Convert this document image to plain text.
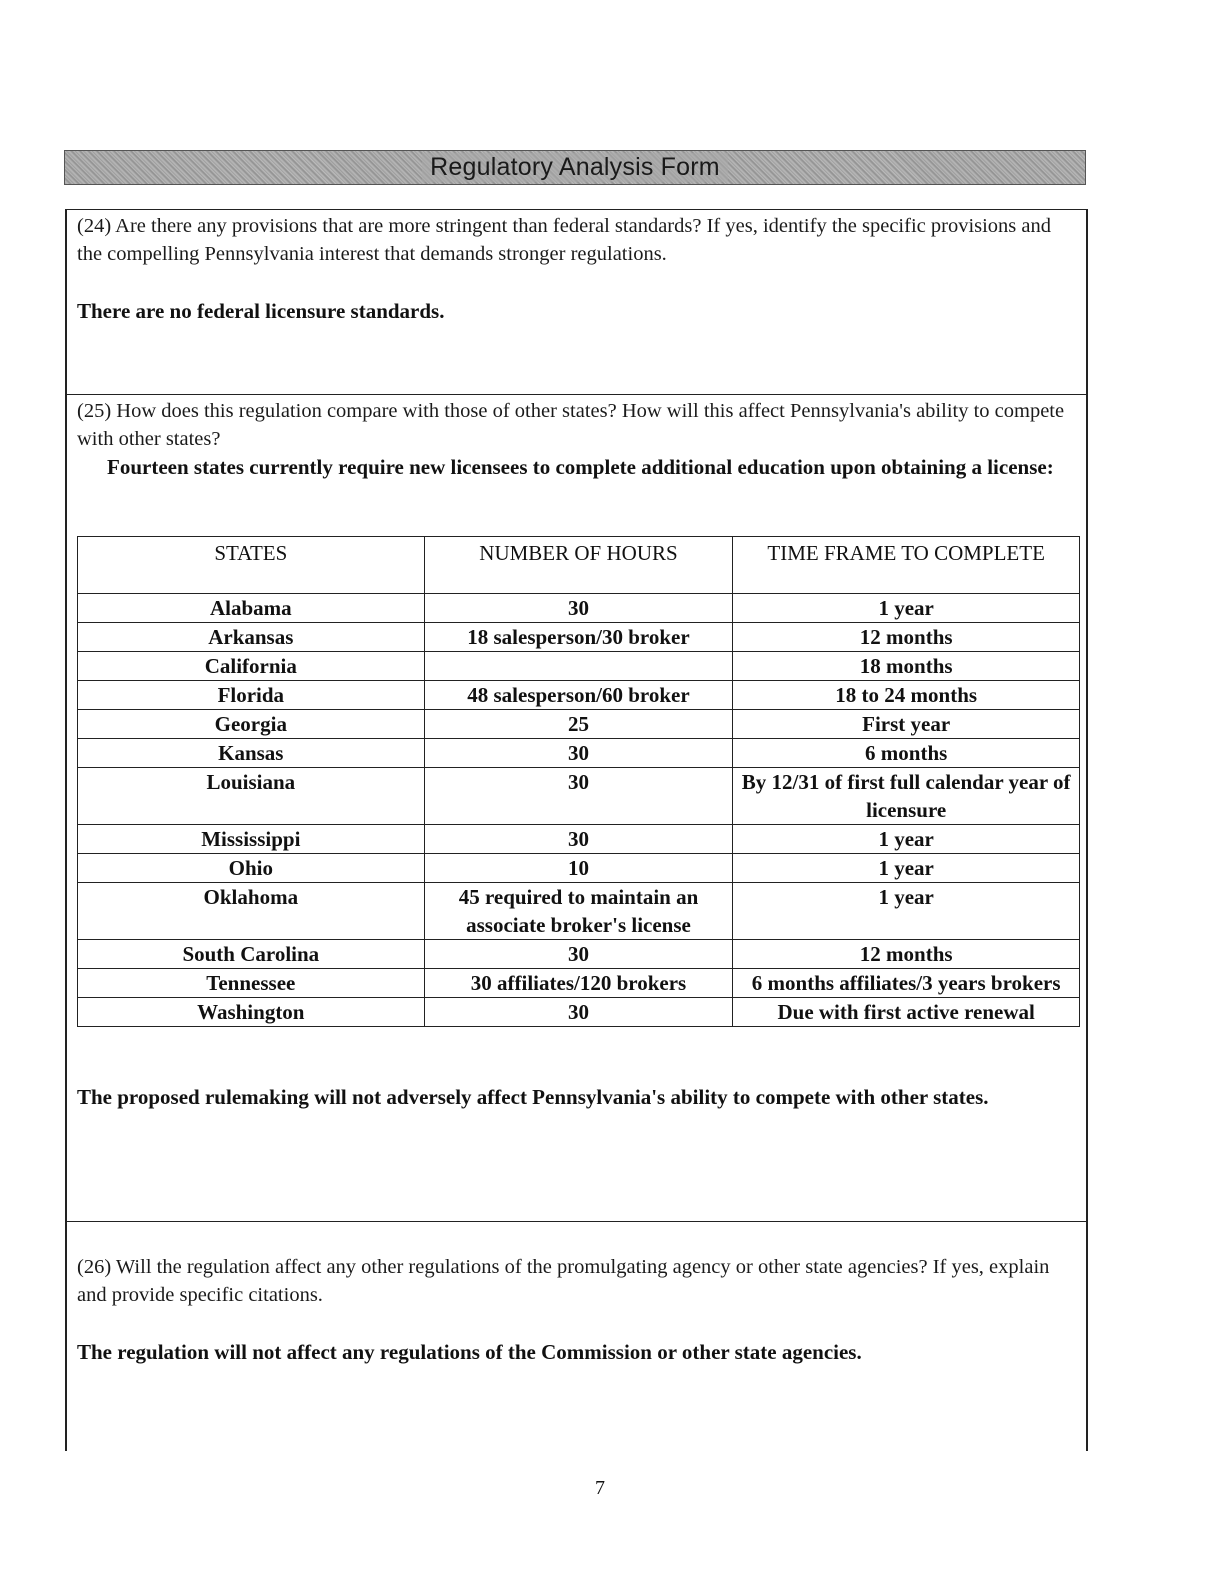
Regulatory Analysis Form
(24) Are there any provisions that are more stringent than federal standards? If yes, identify the specific provisions and the compelling Pennsylvania interest that demands stronger regulations.
There are no federal licensure standards.
(25) How does this regulation compare with those of other states? How will this affect Pennsylvania's ability to compete with other states?
Fourteen states currently require new licensees to complete additional education upon obtaining a license:
STATES	NUMBER OF HOURS	TIME FRAME TO COMPLETE
Alabama	30	1 year
Arkansas	18 salesperson/30 broker	12 months
California		18 months
Florida	48 salesperson/60 broker	18 to 24 months
Georgia	25	First year
Kansas	30	6 months
Louisiana	30	By 12/31 of first full calendar year of licensure
Mississippi	30	1 year
Ohio	10	1 year
Oklahoma	45 required to maintain an associate broker's license	1 year
South Carolina	30	12 months
Tennessee	30 affiliates/120 brokers	6 months affiliates/3 years brokers
Washington	30	Due with first active renewal
The proposed rulemaking will not adversely affect Pennsylvania's ability to compete with other states.
(26) Will the regulation affect any other regulations of the promulgating agency or other state agencies? If yes, explain and provide specific citations.
The regulation will not affect any regulations of the Commission or other state agencies.
7
